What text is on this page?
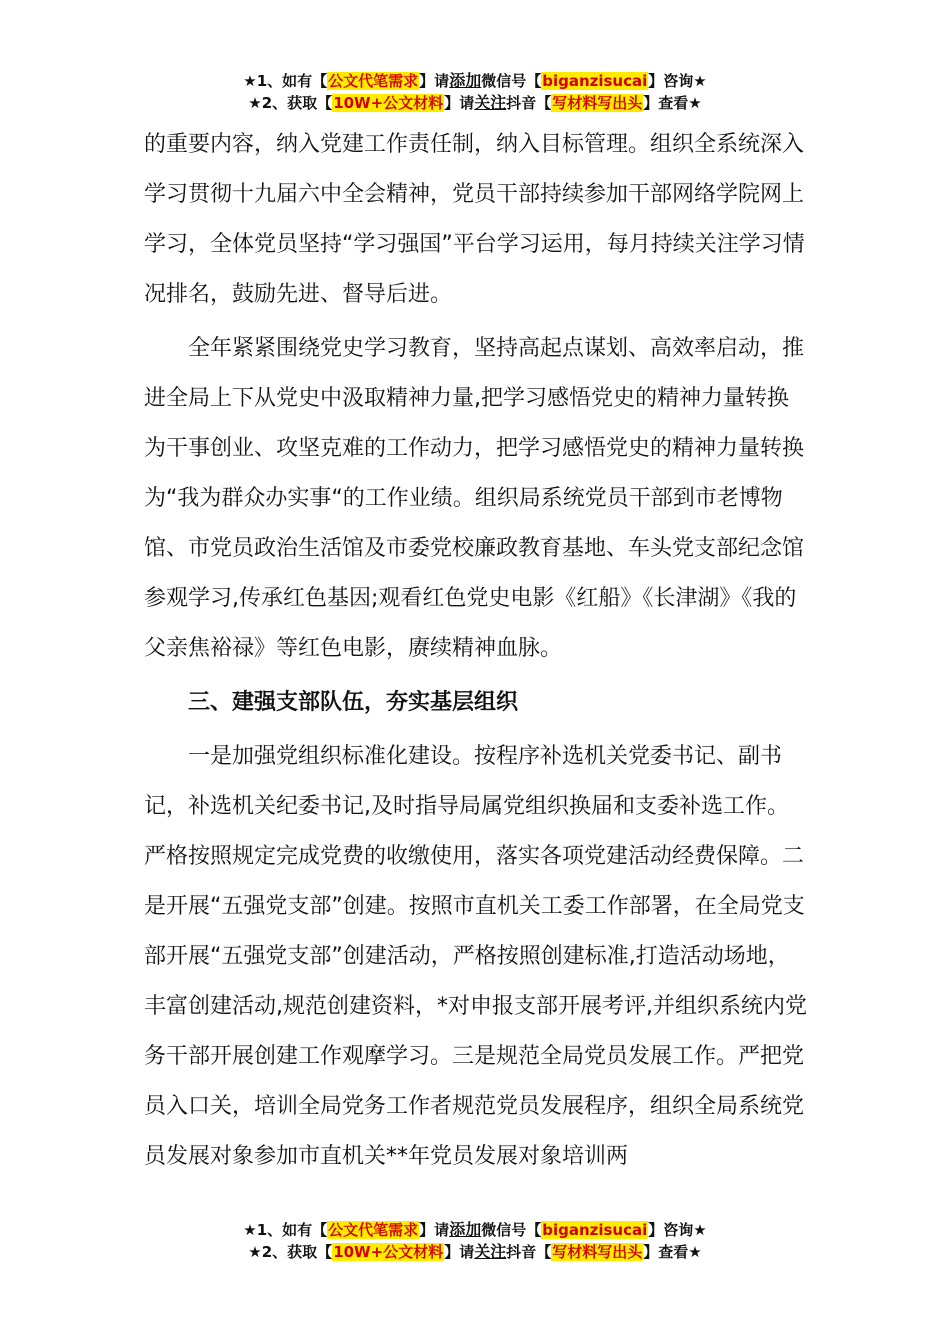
★1、如有【公文代笔需求】请添加微信号【biganzisucai】咨询★
★2、获取【10W+公文材料】请关注抖音【写材料写出头】查看★

的重要内容，纳入党建工作责任制，纳入目标管理。组织全系统深入学习贯彻十九届六中全会精神，党员干部持续参加干部网络学院网上学习，全体党员坚持“学习强国”平台学习运用，每月持续关注学习情况排名，鼓励先进、督导后进。

全年紧紧围绕党史学习教育，坚持高起点谋划、高效率启动，推进全局上下从党史中汲取精神力量,把学习感悟党史的精神力量转换为干事创业、攻坚克难的工作动力，把学习感悟党史的精神力量转换为“我为群众办实事“的工作业绩。组织局系统党员干部到市老博物馆、市党员政治生活馆及市委党校廉政教育基地、车头党支部纪念馆参观学习,传承红色基因;观看红色党史电影《红船》《长津湖》《我的父亲焦裕禄》等红色电影，赓续精神血脉。

三、建强支部队伍，夯实基层组织

一是加强党组织标准化建设。按程序补选机关党委书记、副书记，补选机关纪委书记,及时指导局属党组织换届和支委补选工作。严格按照规定完成党费的收缴使用，落实各项党建活动经费保障。二是开展“五强党支部”创建。按照市直机关工委工作部署，在全局党支部开展“五强党支部”创建活动，严格按照创建标准,打造活动场地，丰富创建活动,规范创建资料，*对申报支部开展考评,并组织系统内党务干部开展创建工作观摩学习。三是规范全局党员发展工作。严把党员入口关，培训全局党务工作者规范党员发展程序，组织全局系统党员发展对象参加市直机关**年党员发展对象培训两

★1、如有【公文代笔需求】请添加微信号【biganzisucai】咨询★
★2、获取【10W+公文材料】请关注抖音【写材料写出头】查看★
